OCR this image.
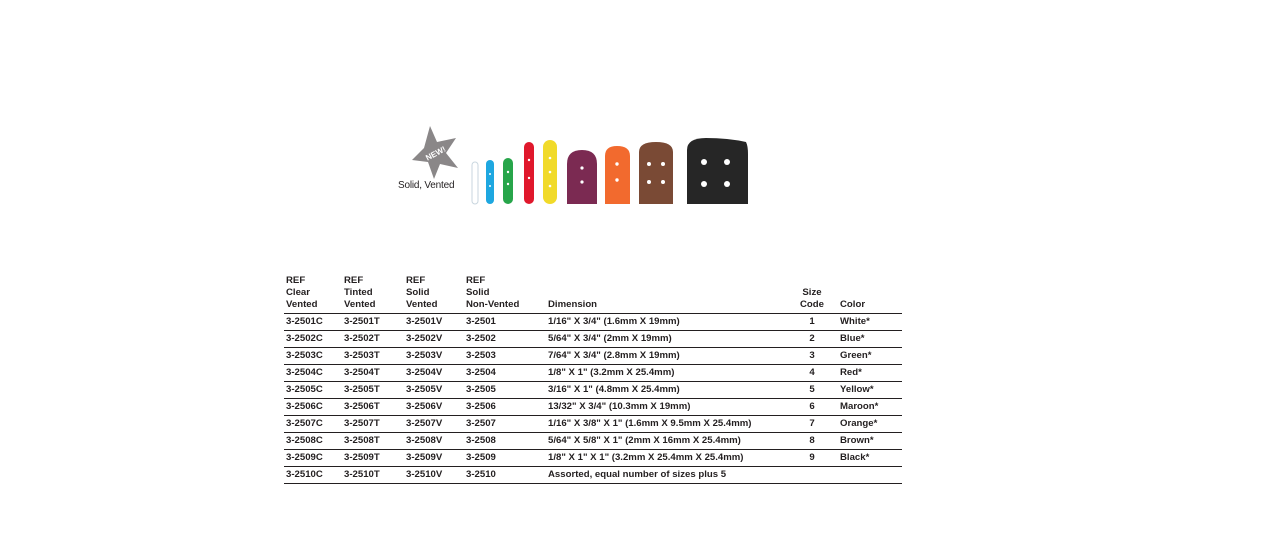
NEW!
Solid, Vented
REF
Clear
Vented	REF
Tinted
Vented	REF
Solid
Vented	REF
Solid
Non-Vented	Dimension	Size
Code	Color

3-2501C	3-2501T	3-2501V	3-2501	1/16" X 3/4" (1.6mm X 19mm)	1	White*
3-2502C	3-2502T	3-2502V	3-2502	5/64" X 3/4" (2mm X 19mm)	2	Blue*
3-2503C	3-2503T	3-2503V	3-2503	7/64" X 3/4" (2.8mm X 19mm)	3	Green*
3-2504C	3-2504T	3-2504V	3-2504	1/8" X 1" (3.2mm X 25.4mm)	4	Red*
3-2505C	3-2505T	3-2505V	3-2505	3/16" X 1" (4.8mm X 25.4mm)	5	Yellow*
3-2506C	3-2506T	3-2506V	3-2506	13/32" X 3/4" (10.3mm X 19mm)	6	Maroon*
3-2507C	3-2507T	3-2507V	3-2507	1/16" X 3/8" X 1" (1.6mm X 9.5mm X 25.4mm)	7	Orange*
3-2508C	3-2508T	3-2508V	3-2508	5/64" X 5/8" X 1" (2mm X 16mm X 25.4mm)	8	Brown*
3-2509C	3-2509T	3-2509V	3-2509	1/8" X 1" X 1" (3.2mm X 25.4mm X 25.4mm)	9	Black*
3-2510C	3-2510T	3-2510V	3-2510	Assorted, equal number of sizes plus 5		
